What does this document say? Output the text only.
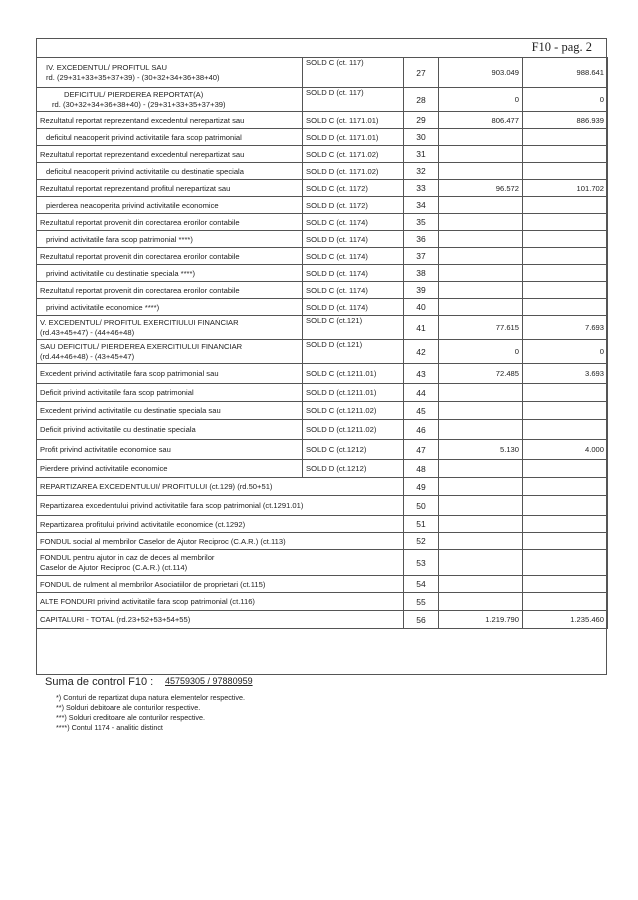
F10 - pag. 2
IV. EXCEDENTUL/ PROFITUL SAU
rd. (29+31+33+35+37+39) - (30+32+34+36+38+40)	SOLD C (ct. 117)	27	903.049	988.641

DEFICITUL/ PIERDEREA REPORTAT(A)
rd. (30+32+34+36+38+40) - (29+31+33+35+37+39)	SOLD D (ct. 117)	28	0	0
Rezultatul reportat reprezentand excedentul nerepartizat sau	SOLD C (ct. 1171.01)	29	806.477	886.939
deficitul neacoperit privind activitatile fara scop patrimonial	SOLD D (ct. 1171.01)	30		
Rezultatul reportat reprezentand excedentul nerepartizat sau	SOLD C (ct. 1171.02)	31		
deficitul neacoperit privind activitatile cu destinatie speciala	SOLD D (ct. 1171.02)	32		
Rezultatul reportat reprezentand profitul nerepartizat sau	SOLD C (ct. 1172)	33	96.572	101.702
pierderea neacoperita privind activitatile economice	SOLD D (ct. 1172)	34		
Rezultatul reportat provenit din corectarea erorilor contabile	SOLD C (ct. 1174)	35		
privind activitatile fara scop patrimonial ****)	SOLD D (ct. 1174)	36		
Rezultatul reportat provenit din corectarea erorilor contabile	SOLD C (ct. 1174)	37		
privind activitatile cu destinatie speciala ****)	SOLD D (ct. 1174)	38		
Rezultatul reportat provenit din corectarea erorilor contabile	SOLD C (ct. 1174)	39		
privind activitatile economice ****)	SOLD D (ct. 1174)	40		

V. EXCEDENTUL/ PROFITUL EXERCITIULUI FINANCIAR
(rd.43+45+47) - (44+46+48)	SOLD C (ct.121)	41	77.615	7.693

SAU DEFICITUL/ PIERDEREA EXERCITIULUI FINANCIAR
(rd.44+46+48) - (43+45+47)	SOLD D (ct.121)	42	0	0
Excedent privind activitatile fara scop patrimonial sau	SOLD C (ct.1211.01)	43	72.485	3.693
Deficit privind activitatile fara scop patrimonial	SOLD D (ct.1211.01)	44		
Excedent privind activitatile cu destinatie speciala sau	SOLD C (ct.1211.02)	45		
Deficit privind activitatile cu destinatie speciala	SOLD D (ct.1211.02)	46		
Profit privind activitatile economice sau	SOLD C (ct.1212)	47	5.130	4.000
Pierdere privind activitatile economice	SOLD D (ct.1212)	48		
REPARTIZAREA EXCEDENTULUI/ PROFITULUI (ct.129) (rd.50+51)		49		
Repartizarea excedentului privind activitatile fara scop patrimonial (ct.1291.01)		50		
Repartizarea profitului privind activitatile economice (ct.1292)		51		
FONDUL social al membrilor Caselor de Ajutor Reciproc (C.A.R.) (ct.113)		52		

FONDUL pentru ajutor in caz de deces al membrilor
Caselor de Ajutor Reciproc (C.A.R.) (ct.114)		53		
FONDUL de rulment al membrilor Asociatiilor de proprietari (ct.115)		54		
ALTE FONDURI privind activitatile fara scop patrimonial (ct.116)		55		
CAPITALURI - TOTAL (rd.23+52+53+54+55)		56	1.219.790	1.235.460
Suma de control F10 : 45759305 / 97880959
*) Conturi de repartizat dupa natura elementelor respective.
**) Solduri debitoare ale conturilor respective.
***) Solduri creditoare ale conturilor respective.
****) Contul 1174 - analitic distinct
